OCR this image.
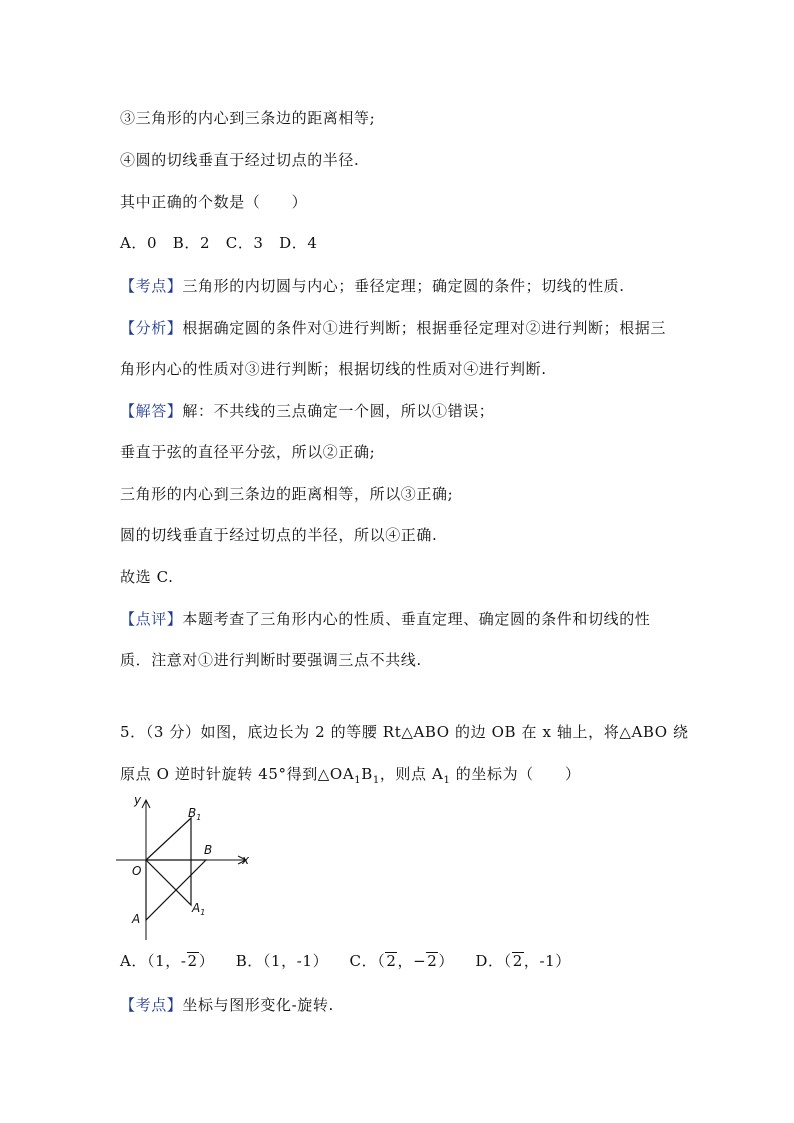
③三角形的内心到三条边的距离相等;
④圆的切线垂直于经过切点的半径.
其中正确的个数是（　　）
A．0　B．2　C．3　D．4
【考点】三角形的内切圆与内心；垂径定理；确定圆的条件；切线的性质.
【分析】根据确定圆的条件对①进行判断；根据垂径定理对②进行判断；根据三
角形内心的性质对③进行判断；根据切线的性质对④进行判断.
【解答】解：不共线的三点确定一个圆，所以①错误；
垂直于弦的直径平分弦，所以②正确;
三角形的内心到三条边的距离相等，所以③正确;
圆的切线垂直于经过切点的半径，所以④正确.
故选 C.
【点评】本题考查了三角形内心的性质、垂直定理、确定圆的条件和切线的性
质．注意对①进行判断时要强调三点不共线.
5．（3 分）如图，底边长为 2 的等腰 Rt△ABO 的边 OB 在 x 轴上，将△ABO 绕
原点 O 逆时针旋转 45°得到$\triangle OA_1B_1$，则点 $A_1$ 的坐标为（　　）
y
x
O
A
B
$B_1$
$A_1$
A．（1，-2） B．（1，-1） C．（2，−2） D．（2，-1）
【考点】坐标与图形变化-旋转.
